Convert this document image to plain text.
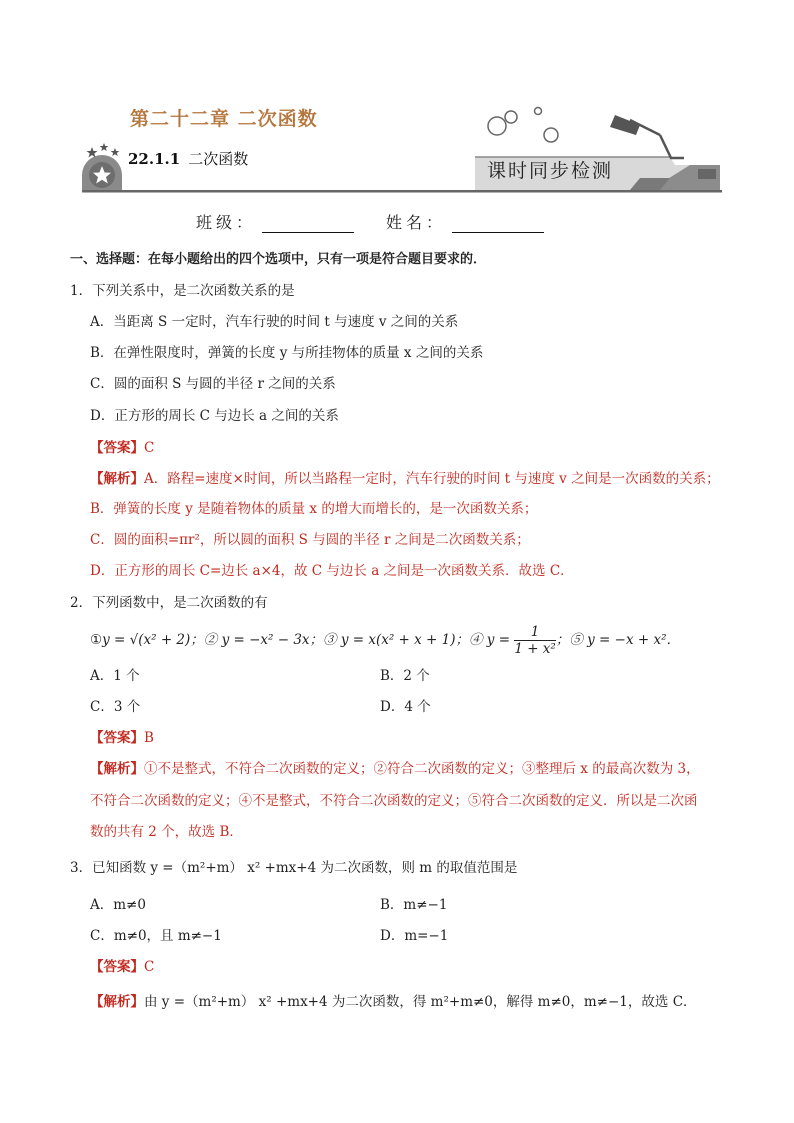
第二十二章 二次函数
22.1.1 二次函数
课时同步检测
班级：	姓名：
一、选择题：在每小题给出的四个选项中，只有一项是符合题目要求的．
1．下列关系中，是二次函数关系的是
A．当距离 S 一定时，汽车行驶的时间 t 与速度 v 之间的关系
B．在弹性限度时，弹簧的长度 y 与所挂物体的质量 x 之间的关系
C．圆的面积 S 与圆的半径 r 之间的关系
D．正方形的周长 C 与边长 a 之间的关系
【答案】C
【解析】A．路程=速度×时间，所以当路程一定时，汽车行驶的时间 t 与速度 v 之间是一次函数的关系；
B．弹簧的长度 y 是随着物体的质量 x 的增大而增长的，是一次函数关系；
C．圆的面积=πr²，所以圆的面积 S 与圆的半径 r 之间是二次函数关系；
D．正方形的周长 C=边长 a×4，故 C 与边长 a 之间是一次函数关系．故选 C．
2．下列函数中，是二次函数的有
①y = √(x² + 2)；② y = −x² − 3x；③ y = x(x² + x + 1)；④ $y = \frac{1}{\text{1 + x²}}$ ；⑤ y = −x + x²．
A．1 个	B．2 个
C．3 个	D．4 个
【答案】B
【解析】①不是整式，不符合二次函数的定义；②符合二次函数的定义；③整理后 x 的最高次数为 3，
不符合二次函数的定义；④不是整式，不符合二次函数的定义；⑤符合二次函数的定义．所以是二次函
数的共有 2 个，故选 B．
3．已知函数 y =（m²+m） x² +mx+4 为二次函数，则 m 的取值范围是
A．m≠0	B．m≠−1
C．m≠0，且 m≠−1	D．m=−1
【答案】C
【解析】由 y =（m²+m） x² +mx+4 为二次函数，得 m²+m≠0，解得 m≠0，m≠−1，故选 C．
